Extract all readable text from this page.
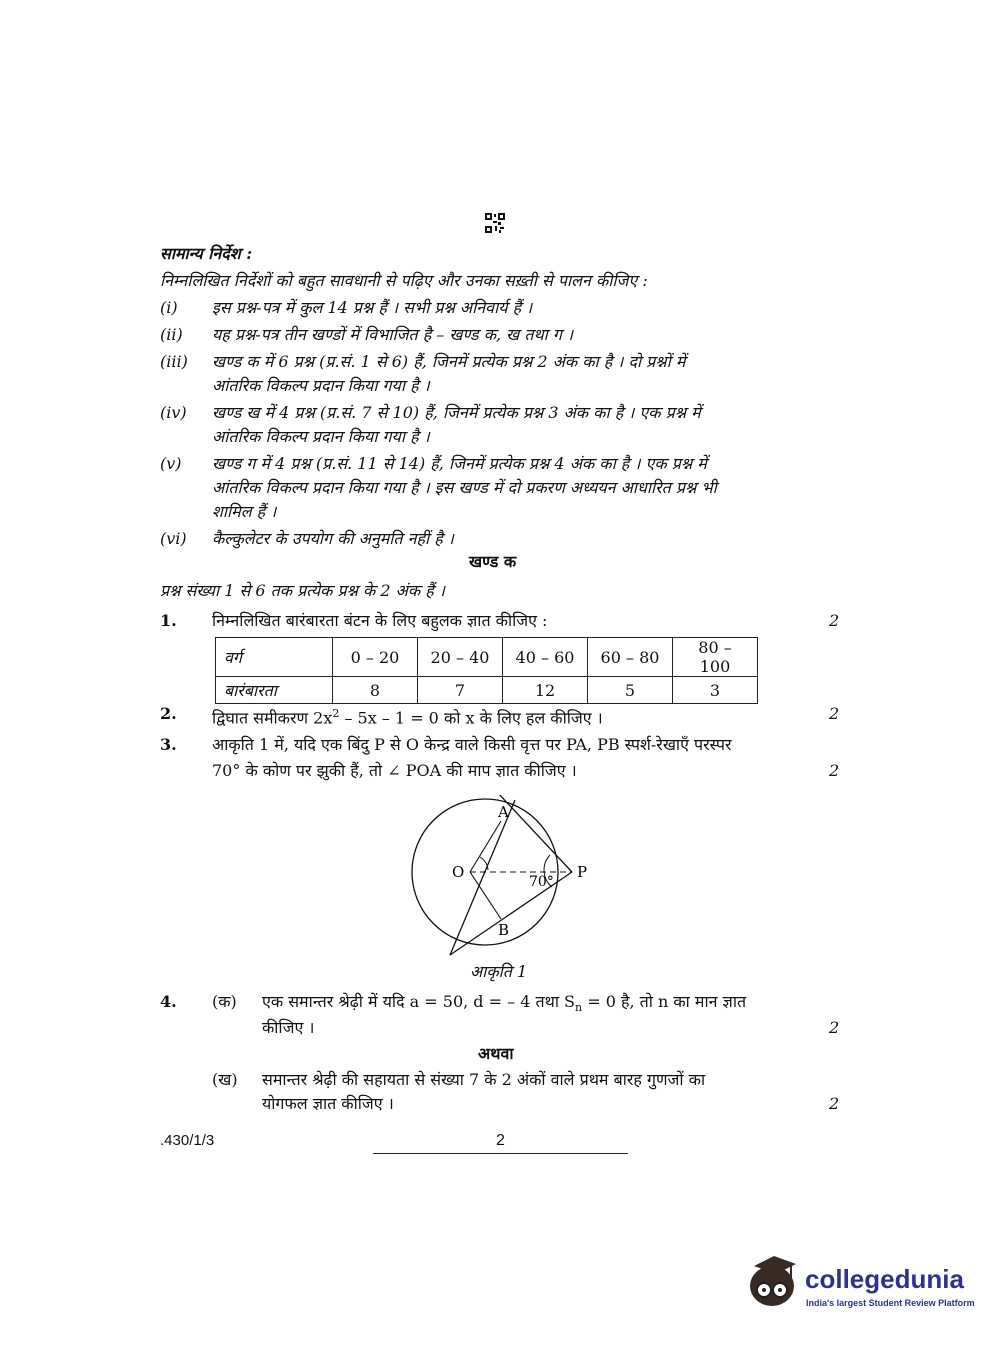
सामान्य निर्देश :
निम्नलिखित निर्देशों को बहुत सावधानी से पढ़िए और उनका सख़्ती से पालन कीजिए :
(i)	इस प्रश्न-पत्र में कुल 14 प्रश्न हैं । सभी प्रश्न अनिवार्य हैं ।
(ii)	यह प्रश्न-पत्र तीन खण्डों में विभाजित है – खण्ड क, ख तथा ग ।
(iii)	खण्ड क में 6 प्रश्न (प्र.सं. 1 से 6) हैं, जिनमें प्रत्येक प्रश्न 2 अंक का है । दो प्रश्नों में
आंतरिक विकल्प प्रदान किया गया है ।
(iv)	खण्ड ख में 4 प्रश्न (प्र.सं. 7 से 10) हैं, जिनमें प्रत्येक प्रश्न 3 अंक का है । एक प्रश्न में
आंतरिक विकल्प प्रदान किया गया है ।
(v)	खण्ड ग में 4 प्रश्न (प्र.सं. 11 से 14) हैं, जिनमें प्रत्येक प्रश्न 4 अंक का है । एक प्रश्न में
आंतरिक विकल्प प्रदान किया गया है । इस खण्ड में दो प्रकरण अध्ययन आधारित प्रश्न भी
शामिल हैं ।
(vi)	कैल्कुलेटर के उपयोग की अनुमति नहीं है ।
खण्ड क
प्रश्न संख्या 1 से 6 तक प्रत्येक प्रश्न के 2 अंक हैं ।
1. निम्नलिखित बारंबारता बंटन के लिए बहुलक ज्ञात कीजिए :	2
वर्ग	0 – 20	20 – 40	40 – 60	60 – 80	80 – 100
बारंबारता	8	7	12	5	3
2. द्विघात समीकरण $2x^2 - 5x - 1 = 0$ को x के लिए हल कीजिए ।	2
3. आकृति 1 में, यदि एक बिंदु P से O केन्द्र वाले किसी वृत्त पर PA, PB स्पर्श-रेखाएँ परस्पर
70° के कोण पर झुकी हैं, तो ∠ POA की माप ज्ञात कीजिए ।	2
A
B
O	P
70°
आकृति 1
4. (क) एक समान्तर श्रेढ़ी में यदि a = 50, d = – 4 तथा $S_n = 0$ है, तो n का मान ज्ञात
कीजिए ।	2
अथवा
(ख) समान्तर श्रेढ़ी की सहायता से संख्या 7 के 2 अंकों वाले प्रथम बारह गुणजों का
योगफल ज्ञात कीजिए ।	2
.430/1/3	2
collegedunia
India's largest Student Review Platform
